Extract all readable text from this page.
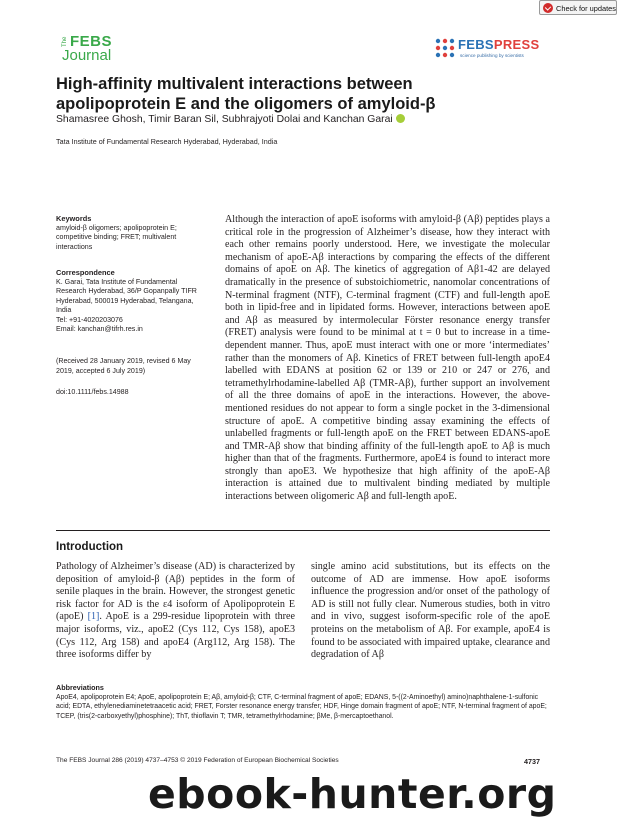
Check for updates
The FEBS
Journal
FEBSPRESS
science publishing by scientists
High-affinity multivalent interactions between
apolipoprotein E and the oligomers of amyloid-β
Shamasree Ghosh, Timir Baran Sil, Subhrajyoti Dolai and Kanchan Garai
Tata Institute of Fundamental Research Hyderabad, Hyderabad, India
Keywords
amyloid-β oligomers; apolipoprotein E;
competitive binding; FRET; multivalent
interactions
Correspondence
K. Garai, Tata Institute of Fundamental
Research Hyderabad, 36/P Gopanpally TIFR
Hyderabad, 500019 Hyderabad, Telangana,
India
Tel: +91-4020203076
Email: kanchan@tifrh.res.in
(Received 28 January 2019, revised 6 May
2019, accepted 6 July 2019)
doi:10.1111/febs.14988
Although the interaction of apoE isoforms with amyloid-β (Aβ) peptides plays a critical role in the progression of Alzheimer’s disease, how they interact with each other remains poorly understood. Here, we investigate the molecular mechanism of apoE-Aβ interactions by comparing the effects of the different domains of apoE on Aβ. The kinetics of aggregation of Aβ1-42 are delayed dramatically in the presence of substoichiometric, nanomolar concentrations of N-terminal fragment (NTF), C-terminal fragment (CTF) and full-length apoE both in lipid-free and in lipidated forms. However, interactions between apoE and Aβ as measured by intermolecular Förster resonance energy transfer (FRET) analysis were found to be minimal at t = 0 but to increase in a time-dependent manner. Thus, apoE must interact with one or more ‘intermediates’ rather than the monomers of Aβ. Kinetics of FRET between full-length apoE4 labelled with EDANS at position 62 or 139 or 210 or 247 or 276, and tetramethylrhodamine-labelled Aβ (TMR-Aβ), further support an involvement of all the three domains of apoE in the interactions. However, the above-mentioned residues do not appear to form a single pocket in the 3-dimensional structure of apoE. A competitive binding assay examining the effects of unlabelled fragments or full-length apoE on the FRET between EDANS-apoE and TMR-Aβ show that binding affinity of the full-length apoE to Aβ is much higher than that of the fragments. Furthermore, apoE4 is found to interact more strongly than apoE3. We hypothesize that high affinity of the apoE-Aβ interaction is attained due to multivalent binding mediated by multiple interactions between oligomeric Aβ and full-length apoE.
Introduction
Pathology of Alzheimer’s disease (AD) is characterized by deposition of amyloid-β (Aβ) peptides in the form of senile plaques in the brain. However, the strongest genetic risk factor for AD is the ε4 isoform of Apolipoprotein E (apoE) [1]. ApoE is a 299-residue lipoprotein with three major isoforms, viz., apoE2 (Cys 112, Cys 158), apoE3 (Cys 112, Arg 158) and apoE4 (Arg112, Arg 158). The three isoforms differ by
single amino acid substitutions, but its effects on the outcome of AD are immense. How apoE isoforms influence the progression and/or onset of the pathology of AD is still not fully clear. Numerous studies, both in vitro and in vivo, suggest isoform-specific role of the apoE proteins on the metabolism of Aβ. For example, apoE4 is found to be associated with impaired uptake, clearance and degradation of Aβ
Abbreviations
ApoE4, apolipoprotein E4; ApoE, apolipoprotein E; Aβ, amyloid-β; CTF, C-terminal fragment of apoE; EDANS, 5-((2-Aminoethyl) amino)naphthalene-1-sulfonic acid; EDTA, ethylenediaminetetraacetic acid; FRET, Forster resonance energy transfer; HDF, Hinge domain fragment of apoE; NTF, N-terminal fragment of apoE; TCEP, (tris(2-carboxyethyl)phosphine); ThT, thioflavin T; TMR, tetramethylrhodamine; βMe, β-mercaptoethanol.
The FEBS Journal 286 (2019) 4737–4753 © 2019 Federation of European Biochemical Societies	4737
ebook-hunter.org
